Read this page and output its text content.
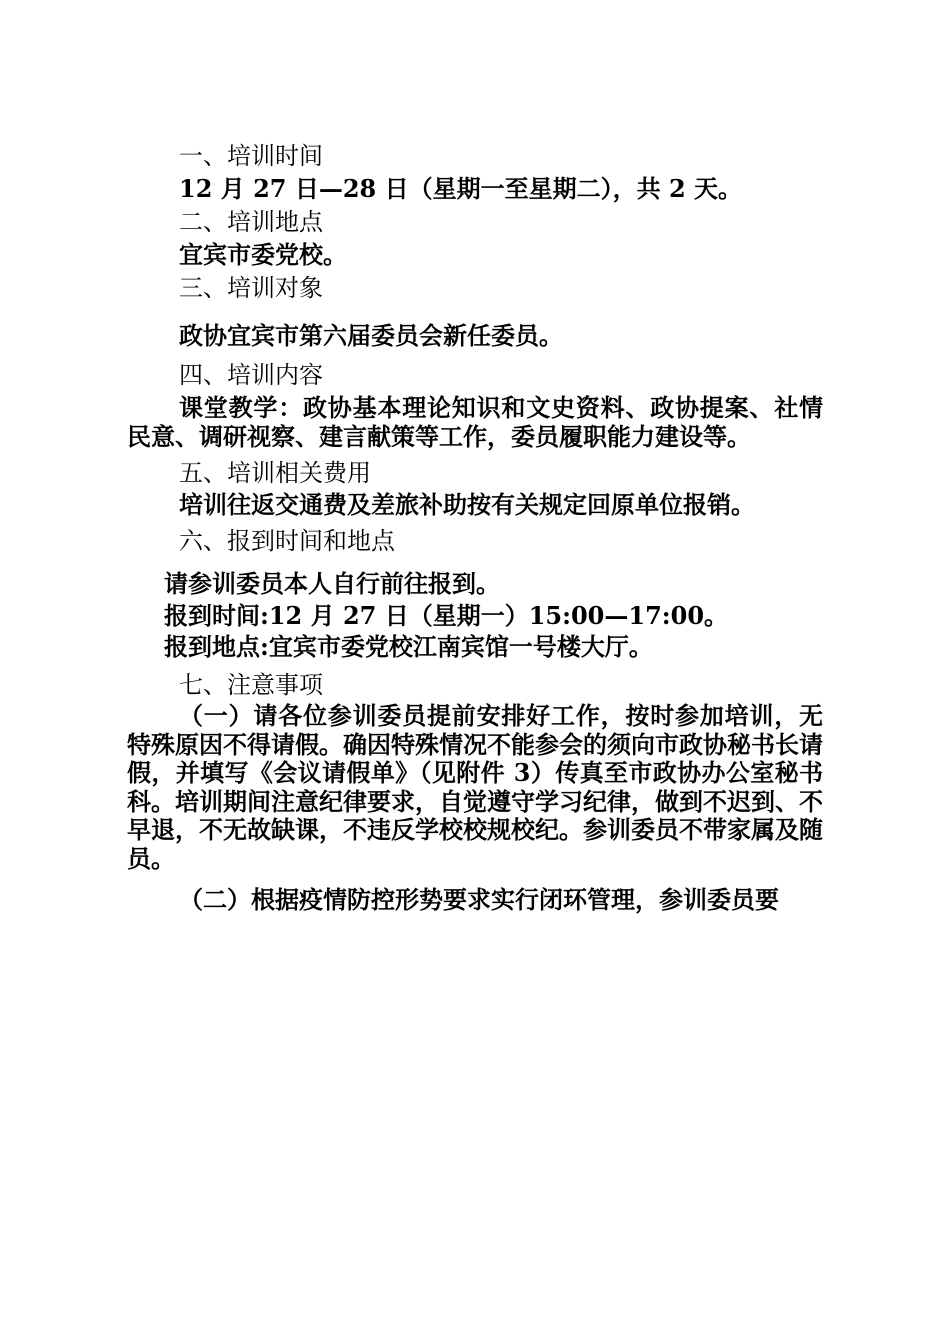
一、培训时间
12 月 27 日—28 日（星期一至星期二），共 2 天。
二、培训地点
宜宾市委党校。
三、培训对象
政协宜宾市第六届委员会新任委员。
四、培训内容
课堂教学：政协基本理论知识和文史资料、政协提案、社情民意、调研视察、建言献策等工作，委员履职能力建设等。
五、培训相关费用
培训往返交通费及差旅补助按有关规定回原单位报销。
六、报到时间和地点
请参训委员本人自行前往报到。
报到时间:12 月 27 日（星期一）15:00—17:00。
报到地点:宜宾市委党校江南宾馆一号楼大厅。
七、注意事项
（一）请各位参训委员提前安排好工作，按时参加培训，无特殊原因不得请假。确因特殊情况不能参会的须向市政协秘书长请假，并填写《会议请假单》（见附件 3）传真至市政协办公室秘书科。培训期间注意纪律要求，自觉遵守学习纪律，做到不迟到、不早退，不无故缺课，不违反学校校规校纪。参训委员不带家属及随员。
（二）根据疫情防控形势要求实行闭环管理，参训委员要
